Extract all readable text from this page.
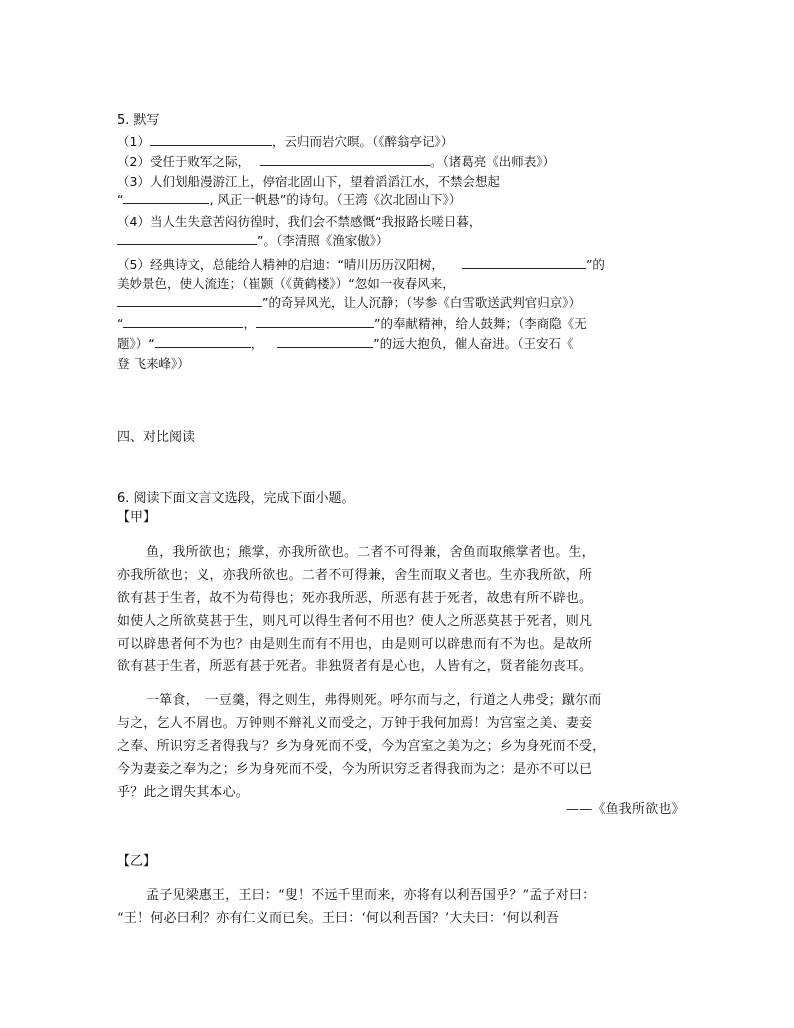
5. 默写
（1）	，云归而岩穴暝。（《醉翁亭记》）
（2）受任于败军之际，	。（诸葛亮《出师表》）
（3）人们划船漫游江上，停宿北固山下，望着滔滔江水，不禁会想起
“	, 风正一帆悬”的诗句。（王湾《次北固山下》）
（4）当人生失意苦闷彷徨时，我们会不禁感慨“我报路长嗟日暮，
”。（李清照《渔家傲》）
（5）经典诗文，总能给人精神的启迪：“晴川历历汉阳树，	”的
美妙景色，使人流连；（崔颢（《黄鹤楼》）“忽如一夜春风来，
”的奇异风光，让人沉静；（岑参《白雪歌送武判官归京》）
“	，	”的奉献精神，给人鼓舞；（李商隐《无
题》）“	，	”的远大抱负，催人奋进。（王安石《
登 飞来峰》）
四、对比阅读
6. 阅读下面文言文选段，完成下面小题。
【甲】
鱼，我所欲也；熊掌，亦我所欲也。二者不可得兼，舍鱼而取熊掌者也。生，
亦我所欲也；义，亦我所欲也。二者不可得兼，舍生而取义者也。生亦我所欲，所
欲有甚于生者，故不为苟得也；死亦我所恶，所恶有甚于死者，故患有所不辟也。
如使人之所欲莫甚于生，则凡可以得生者何不用也？使人之所恶莫甚于死者，则凡
可以辟患者何不为也？由是则生而有不用也，由是则可以辟患而有不为也。是故所
欲有甚于生者，所恶有甚于死者。非独贤者有是心也，人皆有之，贤者能勿丧耳。
一箪食，　一豆羹，得之则生，弗得则死。呼尔而与之，行道之人弗受；蹴尔而
与之，乞人不屑也。万钟则不辩礼义而受之，万钟于我何加焉！为宫室之美、妻妾
之奉、所识穷乏者得我与？乡为身死而不受，今为宫室之美为之；乡为身死而不受，
今为妻妾之奉为之；乡为身死而不受，今为所识穷乏者得我而为之：是亦不可以已
乎？此之谓失其本心。
——《鱼我所欲也》
【乙】
孟子见梁惠王，王曰：“叟！不远千里而来，亦将有以利吾国乎？”孟子对曰：
“王！何必曰利？亦有仁义而已矣。王曰：‘何以利吾国？’大夫曰：‘何以利吾
